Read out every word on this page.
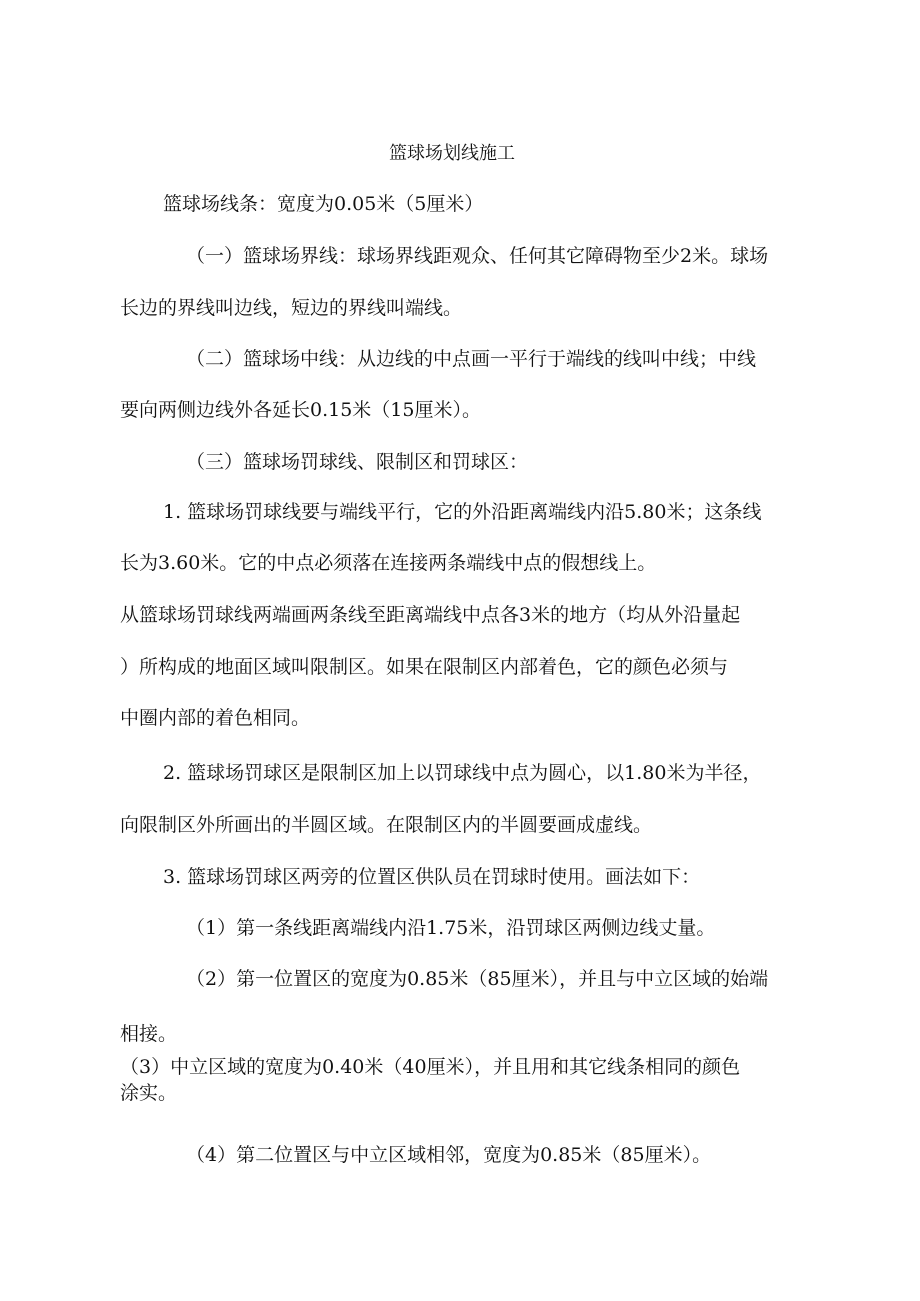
篮球场划线施工

篮球场线条：宽度为0.05米（5厘米）

（一）篮球场界线：球场界线距观众、任何其它障碍物至少2米。球场

长边的界线叫边线，短边的界线叫端线。

（二）篮球场中线：从边线的中点画一平行于端线的线叫中线；中线

要向两侧边线外各延长0.15米（15厘米）。

（三）篮球场罚球线、限制区和罚球区：

1. 篮球场罚球线要与端线平行，它的外沿距离端线内沿5.80米；这条线

长为3.60米。它的中点必须落在连接两条端线中点的假想线上。

从篮球场罚球线两端画两条线至距离端线中点各3米的地方（均从外沿量起

）所构成的地面区域叫限制区。如果在限制区内部着色，它的颜色必须与

中圈内部的着色相同。

2. 篮球场罚球区是限制区加上以罚球线中点为圆心，以1.80米为半径，

向限制区外所画出的半圆区域。在限制区内的半圆要画成虚线。

3. 篮球场罚球区两旁的位置区供队员在罚球时使用。画法如下：

（1）第一条线距离端线内沿1.75米，沿罚球区两侧边线丈量。

（2）第一位置区的宽度为0.85米（85厘米），并且与中立区域的始端

相接。

（3）中立区域的宽度为0.40米（40厘米），并且用和其它线条相同的颜色

涂实。

（4）第二位置区与中立区域相邻，宽度为0.85米（85厘米）。
